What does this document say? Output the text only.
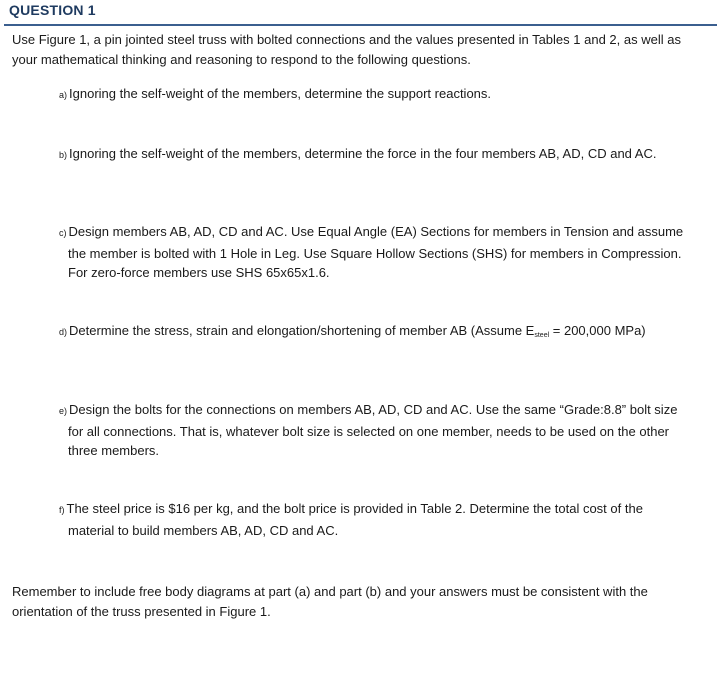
QUESTION 1
Use Figure 1, a pin jointed steel truss with bolted connections and the values presented in Tables 1 and 2, as well as
your mathematical thinking and reasoning to respond to the following questions.
a) Ignoring the self-weight of the members, determine the support reactions.
b) Ignoring the self-weight of the members, determine the force in the four members AB, AD, CD and AC.
c) Design members AB, AD, CD and AC. Use Equal Angle (EA) Sections for members in Tension and assume
the member is bolted with 1 Hole in Leg. Use Square Hollow Sections (SHS) for members in Compression.
For zero-force members use SHS 65x65x1.6.
d) Determine the stress, strain and elongation/shortening of member AB (Assume $E_{steel} = 200,000$ MPa)
e) Design the bolts for the connections on members AB, AD, CD and AC. Use the same “Grade:8.8” bolt size
for all connections. That is, whatever bolt size is selected on one member, needs to be used on the other
three members.
f) The steel price is $16 per kg, and the bolt price is provided in Table 2. Determine the total cost of the
material to build members AB, AD, CD and AC.
Remember to include free body diagrams at part (a) and part (b) and your answers must be consistent with the
orientation of the truss presented in Figure 1.
